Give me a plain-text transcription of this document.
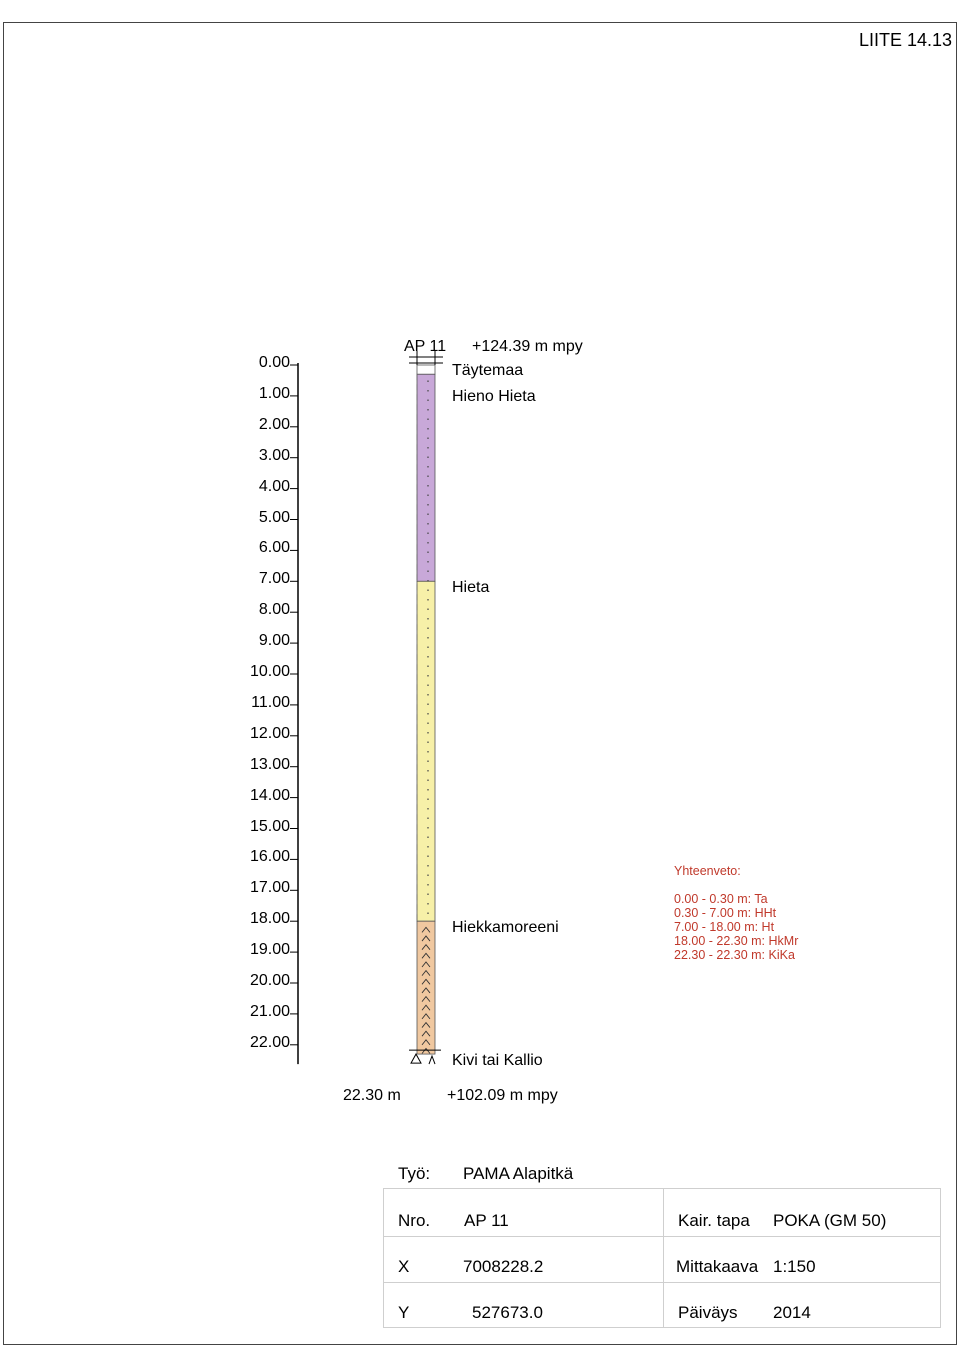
LIITE 14.13
0.00
1.00
2.00
3.00
4.00
5.00
6.00
7.00
8.00
9.00
10.00
11.00
12.00
13.00
14.00
15.00
16.00
17.00
18.00
19.00
20.00
21.00
22.00
AP 11 +124.39 m mpy
Täytemaa
Hieno Hieta
Hieta
Hiekkamoreeni
Kivi tai Kallio
22.30 m	+102.09 m mpy
Yhteenveto:
0.00 - 0.30 m: Ta
0.30 - 7.00 m: HHt
7.00 - 18.00 m: Ht
18.00 - 22.30 m: HkMr
22.30 - 22.30 m: KiKa
Työ: PAMA Alapitkä
Nro. AP 11	Kair. tapa POKA (GM 50)
X	7008228.2	Mittakaava 1:150
Y	527673.0	Päiväys 2014
